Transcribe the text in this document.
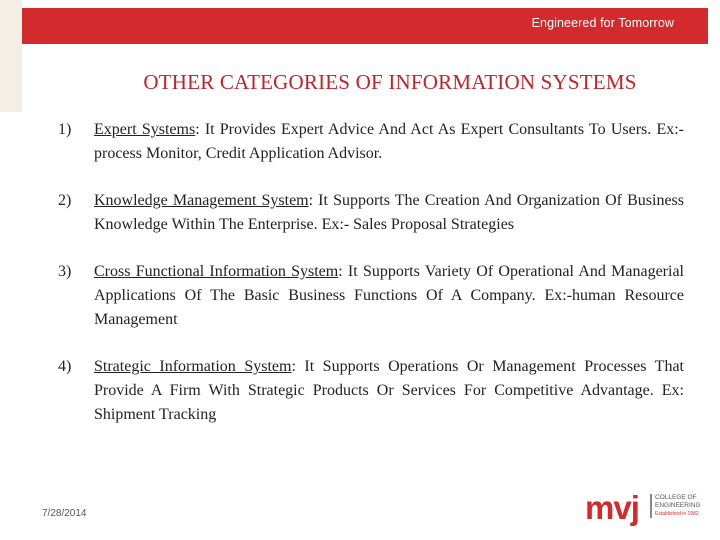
Engineered for Tomorrow
OTHER CATEGORIES OF INFORMATION SYSTEMS
1)	Expert Systems: It Provides Expert Advice And Act As Expert Consultants To Users. Ex:-process Monitor, Credit Application Advisor.

2)	Knowledge Management System: It Supports The Creation And Organization Of Business Knowledge Within The Enterprise. Ex:- Sales Proposal Strategies

3)	Cross Functional Information System: It Supports Variety Of Operational And Managerial Applications Of The Basic Business Functions Of A Company. Ex:-human Resource Management

4)	Strategic Information System: It Supports Operations Or Management Processes That Provide A Firm With Strategic Products Or Services For Competitive Advantage. Ex: Shipment Tracking

7/28/2014	mvj COLLEGE OF
ENGINEERING
Established in 1982
